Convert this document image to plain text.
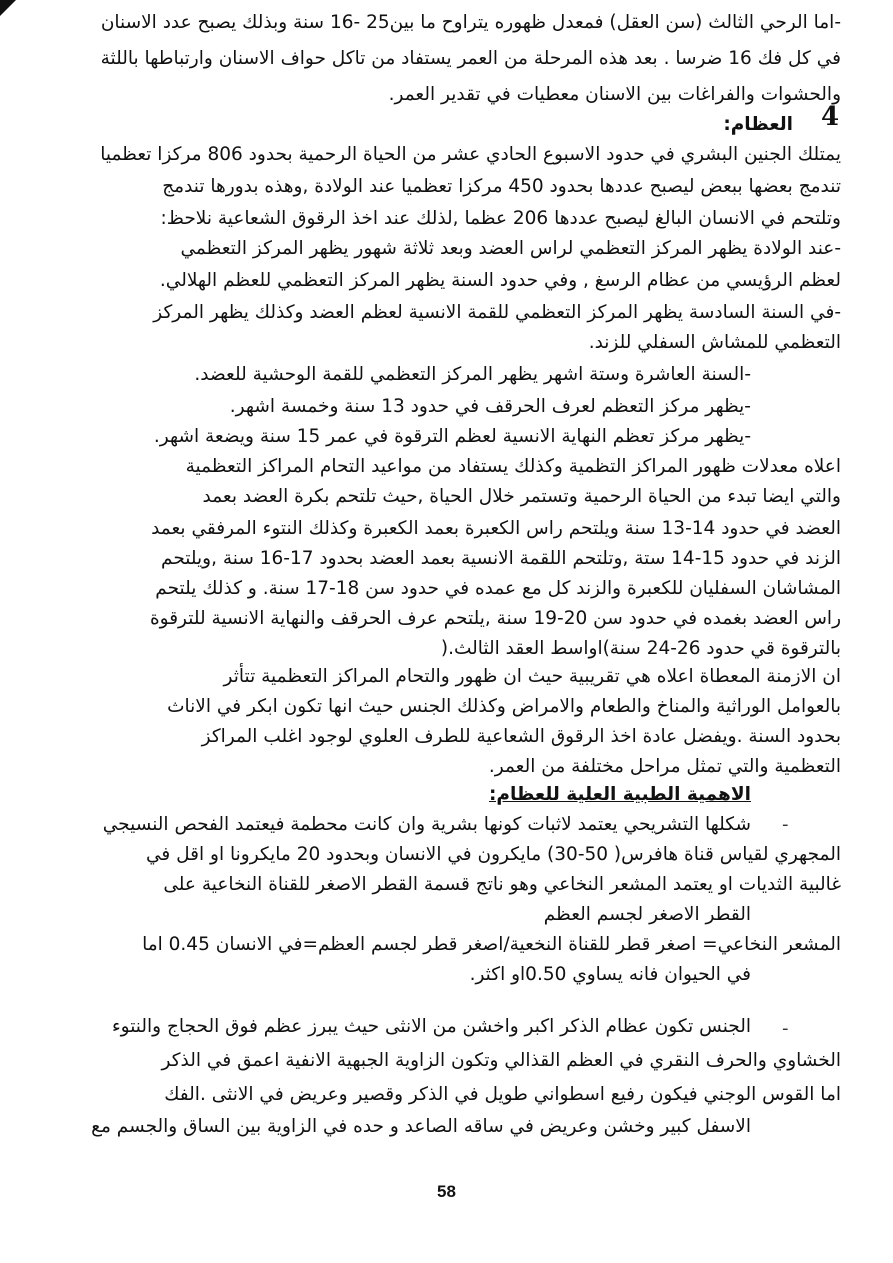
-اما الرحي الثالث (سن العقل) فمعدل ظهوره يتراوح ما بين25 -16 سنة وبذلك يصبح عدد الاسنان
في كل فك 16 ضرسا . بعد هذه المرحلة من العمر يستفاد من تاكل حواف الاسنان وارتباطها باللثة
والحشوات والفراغات بين الاسنان معطيات في تقدير العمر.
العظام: 4
يمتلك الجنين البشري في حدود الاسبوع الحادي عشر من الحياة الرحمية بحدود 806 مركزا تعظميا
تندمج بعضها ببعض ليصبح عددها بحدود 450 مركزا تعظميا عند الولادة ,وهذه بدورها تندمج
وتلتحم في الانسان البالغ ليصبح عددها 206 عظما ,لذلك عند اخذ الرقوق الشعاعية نلاحظ:
-عند الولادة يظهر المركز التعظمي لراس العضد وبعد ثلاثة شهور يظهر المركز التعظمي
لعظم الرؤيسي من عظام الرسغ , وفي حدود السنة يظهر المركز التعظمي للعظم الهلالي.
-في السنة السادسة يظهر المركز التعظمي للقمة الانسية لعظم العضد وكذلك يظهر المركز
التعظمي للمشاش السفلي للزند.
-السنة العاشرة وستة اشهر يظهر المركز التعظمي للقمة الوحشية للعضد.
-يظهر مركز التعظم لعرف الحرقف في حدود 13 سنة وخمسة اشهر.
-يظهر مركز تعظم النهاية الانسية لعظم الترقوة في عمر 15 سنة ويضعة اشهر.
اعلاه معدلات ظهور المراكز التظمية وكذلك يستفاد من مواعيد التحام المراكز التعظمية
والتي ايضا تبدء من الحياة الرحمية وتستمر خلال الحياة ,حيث تلتحم بكرة العضد بعمد
العضد في حدود 14-13 سنة ويلتحم راس الكعبرة بعمد الكعبرة وكذلك النتوء المرفقي بعمد
الزند في حدود 15-14 ستة ,وتلتحم اللقمة الانسية بعمد العضد بحدود 17-16 سنة ,ويلتحم
المشاشان السفليان للكعبرة والزند كل مع عمده في حدود سن 18-17 سنة. و كذلك يلتحم
راس العضد بغمده في حدود سن 20-19 سنة ,يلتحم عرف الحرقف والنهاية الانسية للترقوة
بالترقوة قي حدود 26-24 سنة)اواسط العقد الثالث.(
ان الازمنة المعطاة اعلاه هي تقريبية حيث ان ظهور والتحام المراكز التعظمية تتأثر
بالعوامل الوراثية والمناخ والطعام والامراض وكذلك الجنس حيث انها تكون ابكر في الاناث
بحدود السنة .ويفضل عادة اخذ الرقوق الشعاعية للطرف العلوي لوجود اغلب المراكز
التعظمية والتي تمثل مراحل مختلفة من العمر.
الاهمية الطبية العلية للعظام:
-
شكلها التشريحي يعتمد لاثبات كونها بشرية وان كانت محطمة فيعتمد الفحص النسيجي
المجهري لقياس قناة هافرس( 50-30) مايكرون في الانسان وبحدود 20 مايكرونا او اقل في
غالبية الثديات او يعتمد المشعر النخاعي وهو ناتج قسمة القطر الاصغر للقناة النخاعية على
القطر الاصغر لجسم العظم
المشعر النخاعي= اصغر قطر للقناة النخعية/اصغر قطر لجسم العظم=في الانسان 0.45 اما
في الحيوان فانه يساوي 0.50او اكثر.
-
الجنس تكون عظام الذكر اكبر واخشن من الانثى حيث يبرز عظم فوق الحجاج والنتوء
الخشاوي والحرف النقري في العظم القذالي وتكون الزاوية الجبهية الانفية اعمق في الذكر
اما القوس الوجني فيكون رفيع اسطواني طويل في الذكر وقصير وعريض في الانثى .الفك
الاسفل كبير وخشن وعريض في ساقه الصاعد و حده في الزاوية بين الساق والجسم مع
58
